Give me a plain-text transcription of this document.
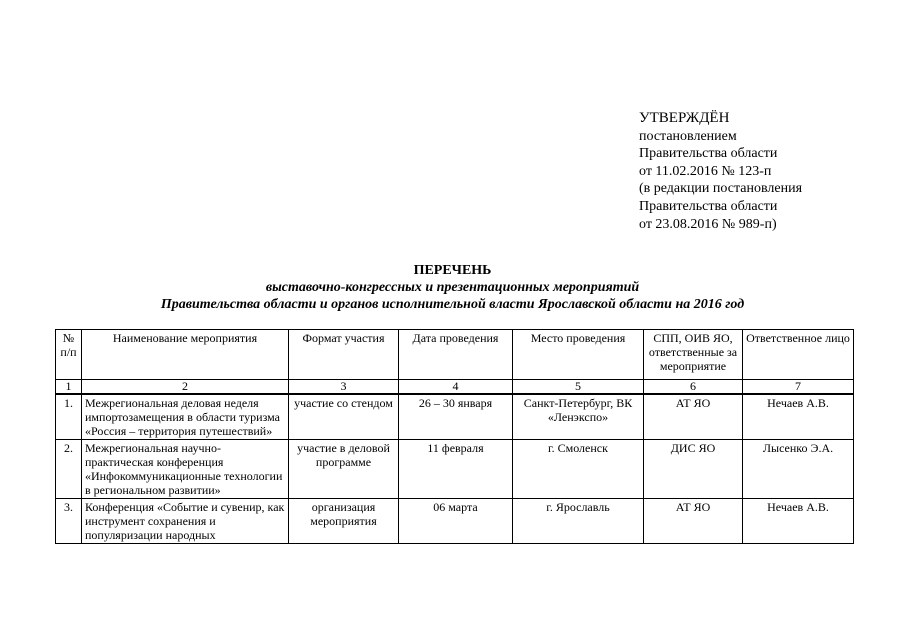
УТВЕРЖДЁН
постановлением
Правительства области
от 11.02.2016 № 123-п
(в редакции постановления
Правительства области
от 23.08.2016 № 989-п)
ПЕРЕЧЕНЬ
выставочно-конгрессных и презентационных мероприятий
Правительства области и органов исполнительной власти Ярославской области на 2016 год
№ п/п	Наименование мероприятия	Формат участия	Дата проведения	Место проведения	СПП, ОИВ ЯО, ответственные за мероприятие	Ответственное лицо
1	2	3	4	5	6	7
1.	Межрегиональная деловая неделя импортозамещения в области туризма «Россия – территория путешествий»	участие со стендом	26 – 30 января	Санкт-Петербург, ВК «Ленэкспо»	АТ ЯО	Нечаев А.В.
2.	Межрегиональная научно-практическая конференция «Инфокоммуникационные технологии в региональном развитии»	участие в деловой программе	11 февраля	г. Смоленск	ДИС ЯО	Лысенко Э.А.
3.	Конференция «Событие и сувенир, как инструмент сохранения и популяризации народных	организация мероприятия	06 марта	г. Ярославль	АТ ЯО	Нечаев А.В.
